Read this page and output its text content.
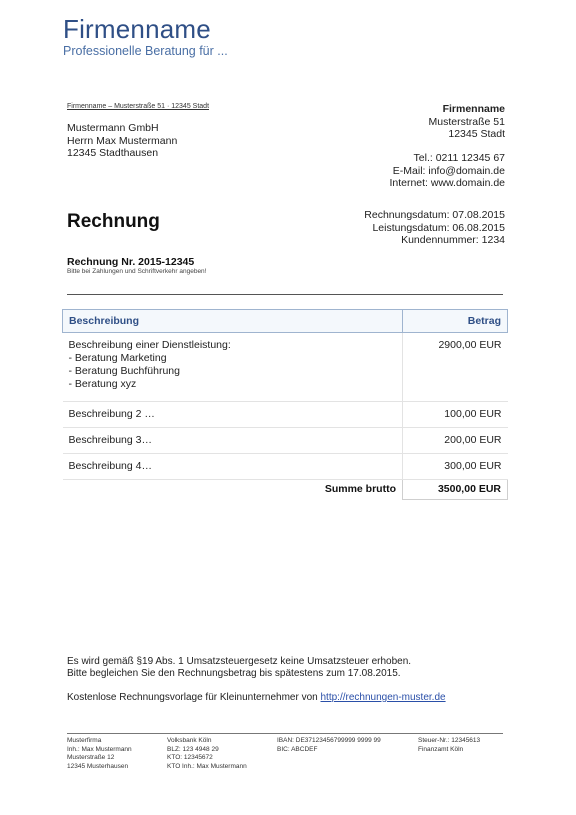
Firmenname
Professionelle Beratung für ...
Firmenname – Musterstraße 51 · 12345 Stadt
Mustermann GmbH
Herrn Max Mustermann
12345 Stadthausen
Firmenname
Musterstraße 51
12345 Stadt
Tel.: 0211 12345 67
E-Mail: info@domain.de
Internet: www.domain.de
Rechnung	Rechnungsdatum: 07.08.2015
Leistungsdatum: 06.08.2015
Kundennummer: 1234
Rechnung Nr. 2015-12345
Bitte bei Zahlungen und Schriftverkehr angeben!
Beschreibung	Betrag

Beschreibung einer Dienstleistung:
- Beratung Marketing
- Beratung Buchführung
- Beratung xyz	2900,00 EUR
Beschreibung 2 …	100,00 EUR
Beschreibung 3…	200,00 EUR
Beschreibung 4…	300,00 EUR
Summe brutto	3500,00 EUR
Es wird gemäß §19 Abs. 1 Umsatzsteuergesetz keine Umsatzsteuer erhoben.
Bitte begleichen Sie den Rechnungsbetrag bis spätestens zum 17.08.2015.
Kostenlose Rechnungsvorlage für Kleinunternehmer von http://rechnungen-muster.de
Musterfirma
Inh.: Max Mustermann
Musterstraße 12
12345 Musterhausen
Volksbank Köln
BLZ: 123 4948 29
KTO: 12345672
KTO Inh.: Max Mustermann
IBAN: DE37123456799999 9999 99
BIC: ABCDEF
Steuer-Nr.: 12345613
Finanzamt Köln
